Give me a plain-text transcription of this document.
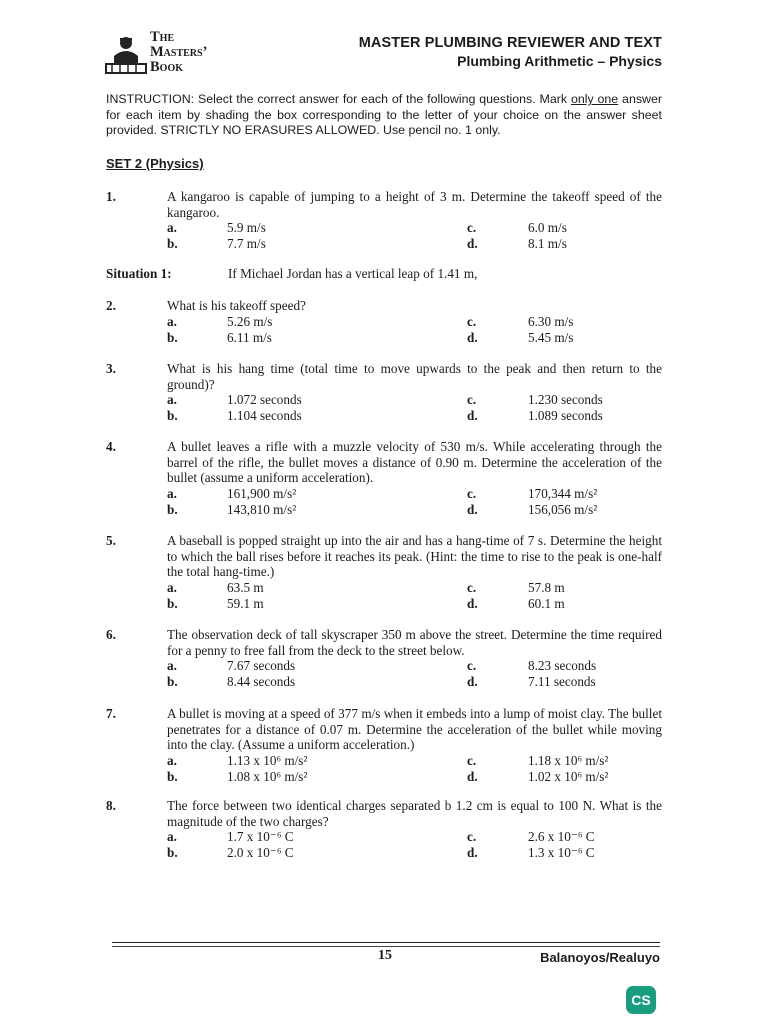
The
Masters’
Book
MASTER PLUMBING REVIEWER AND TEXT
Plumbing Arithmetic – Physics
INSTRUCTION: Select the correct answer for each of the following questions. Mark only one answer for each item by shading the box corresponding to the letter of your choice on the answer sheet provided. STRICTLY NO ERASURES ALLOWED. Use pencil no. 1 only.
SET 2 (Physics)
1.	A kangaroo is capable of jumping to a height of 3 m. Determine the takeoff speed of the kangaroo.
a.	5.9 m/s	c.	6.0 m/s
b.	7.7 m/s	d.	8.1 m/s
Situation 1:	If Michael Jordan has a vertical leap of 1.41 m,
2.	What is his takeoff speed?
a.	5.26 m/s	c.	6.30 m/s
b.	6.11 m/s	d.	5.45 m/s
3.	What is his hang time (total time to move upwards to the peak and then return to the ground)?
a.	1.072 seconds	c.	1.230 seconds
b.	1.104 seconds	d.	1.089 seconds
4.	A bullet leaves a rifle with a muzzle velocity of 530 m/s. While accelerating through the barrel of the rifle, the bullet moves a distance of 0.90 m. Determine the acceleration of the bullet (assume a uniform acceleration).
a.	161,900 m/s²	c.	170,344 m/s²
b.	143,810 m/s²	d.	156,056 m/s²
5.	A baseball is popped straight up into the air and has a hang-time of 7 s. Determine the height to which the ball rises before it reaches its peak. (Hint: the time to rise to the peak is one-half the total hang-time.)
a.	63.5 m	c.	57.8 m
b.	59.1 m	d.	60.1 m
6.	The observation deck of tall skyscraper 350 m above the street. Determine the time required for a penny to free fall from the deck to the street below.
a.	7.67 seconds	c.	8.23 seconds
b.	8.44 seconds	d.	7.11 seconds
7.	A bullet is moving at a speed of 377 m/s when it embeds into a lump of moist clay. The bullet penetrates for a distance of 0.07 m. Determine the acceleration of the bullet while moving into the clay. (Assume a uniform acceleration.)
a.	1.13 x 10⁶ m/s²	c.	1.18 x 10⁶ m/s²
b.	1.08 x 10⁶ m/s²	d.	1.02 x 10⁶ m/s²
8.	The force between two identical charges separated b 1.2 cm is equal to 100 N. What is the magnitude of the two charges?
a.	1.7 x 10⁻⁶ C	c.	2.6 x 10⁻⁶ C
b.	2.0 x 10⁻⁶ C	d.	1.3 x 10⁻⁶ C
15	Balanoyos/Realuyo
CS
